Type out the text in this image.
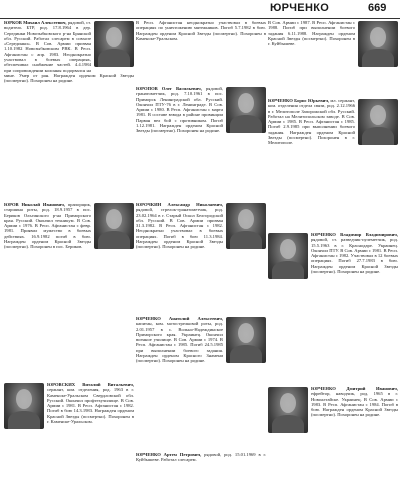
ЮРЧЕНКО	669
ЮРКОВ Михаил Алексеевич, рядовой, ст. водитель БТР, род. 17.8.1964 в дер. Серединки Новозыбковского р-на Брянской обл. Русский. Работал слесарем в совхозе «Серединки». В Сов. Армии призван 1.10.1982 Новозыбковским РВК. В Респ. Афганистан с апр. 1983. Неоднократно участвовал в боевых операциях, обеспечивал снабжение частей. 4.4.1984 при сопровождении колонны подорвался на мине. Умер от ран. Награжден орденом Красной Звезды (посмертно). Похоронен на родине.
ЮРОВ Николай Иванович, прапорщик, старшина роты, род. 18.9.1957 в пос. Бериков Ольгинского р-на Приморского края. Русский. Окончил техникум. В Сов. Армии с 1976. В Респ. Афганистан с февр. 1981. Проявил мужество в боевых действиях. 16.9.1982 погиб в бою. Награжден орденом Красной Звезды (посмертно). Похоронен в пос. Бериков.
ЮРОВСКИХ Виталий Витальевич, сержант, ком. отделения, род. 1963 в г. Каменске-Уральском Свердловской обл. Русский. Окончил профтехучилище. В Сов. Армии с 1981. В Респ. Афганистан с 1982. Погиб в бою 14.3.1983. Награжден орденом Красной Звезды (посмертно). Похоронен в г. Каменске-Уральском.
В Респ. Афганистан неоднократно участвовал в боевых операциях по уничтожению мятежников. Погиб 5.7.1982 в бою. Награжден орденом Красной Звезды (посмертно). Похоронен в Каменске-Уральском.
ЮРОПОВ Олег Васильевич, рядовой, гранатометчик, род. 7.10.1961 в пос. Приморск Ленинградской обл. Русский. Окончил ПТУ-76 в г. Ленинграде. В Сов. Армии с 1980. В Респ. Афганистан с марта 1981. В составе взвода в районе провинции Парван вел бой с противником. Погиб 1.12.1981. Награжден орденом Красной Звезды (посмертно). Похоронен на родине.
ЮРОЧКИН Александр Николаевич, рядовой, стрелок-гранатометчик, род. 23.02.1964 в г. Старый Оскол Белгородской обл. Русский. В Сов. Армии призван 31.3.1982. В Респ. Афганистан с 1982. Неоднократно участвовал в боевых операциях. Погиб в бою 11.3.1984. Награжден орденом Красной Звезды (посмертно). Похоронен на родине.
ЮРЧЕНКО Анатолий Алексеевич, капитан, ком. мотострелковой роты, род. 2.01.1957 в с. Вольно-Надеждинское Приморского края. Украинец. Окончил военное училище. В Сов. Армии с 1974. В Респ. Афганистан с 1985. Погиб 24.5.1985 при выполнении боевого задания. Награжден орденом Красного Знамени (посмертно). Похоронен на родине.
ЮРЧЕНКО Артем Петрович, рядовой, род. 15.01.1969 в г. Куйбышеве. Работал слесарем.
В Сов. Армии с 1987. В Респ. Афганистан с 1988. Погиб при выполнении боевого задания 6.11.1988. Награжден орденом Красной Звезды (посмертно). Похоронен в г. Куйбышеве.
ЮРЧЕНКО Борис Юрьевич, мл. сержант, ком. отделения отдела связи, род. 2.12.1966 в г. Мелитополе Запорожской обл. Русский. Работал на Мелитопольском заводе. В Сов. Армии с 1985. В Респ. Афганистан с 1985. Погиб 2.9.1985 при выполнении боевого задания. Награжден орденом Красной Звезды (посмертно). Похоронен в г. Мелитополе.
ЮРЧЕНКО Владимир Владимирович, рядовой, ст. разведчик-пулеметчик, род. 15.5.1963 в г. Краснодаре. Украинец. Окончил ПТУ. В Сов. Армии с 1981. В Респ. Афганистан с 1982. Участвовал в 12 боевых операциях. Погиб 27.7.1983 в бою. Награжден орденом Красной Звезды (посмертно). Похоронен на родине.
ЮРЧЕНКО Дмитрий Иванович, ефрейтор, наводчик, род. 1965 в г. Новоалтайске. Украинец. В Сов. Армии с 1983. В Респ. Афганистан с 1984. Погиб в бою. Награжден орденом Красной Звезды (посмертно). Похоронен на родине.
